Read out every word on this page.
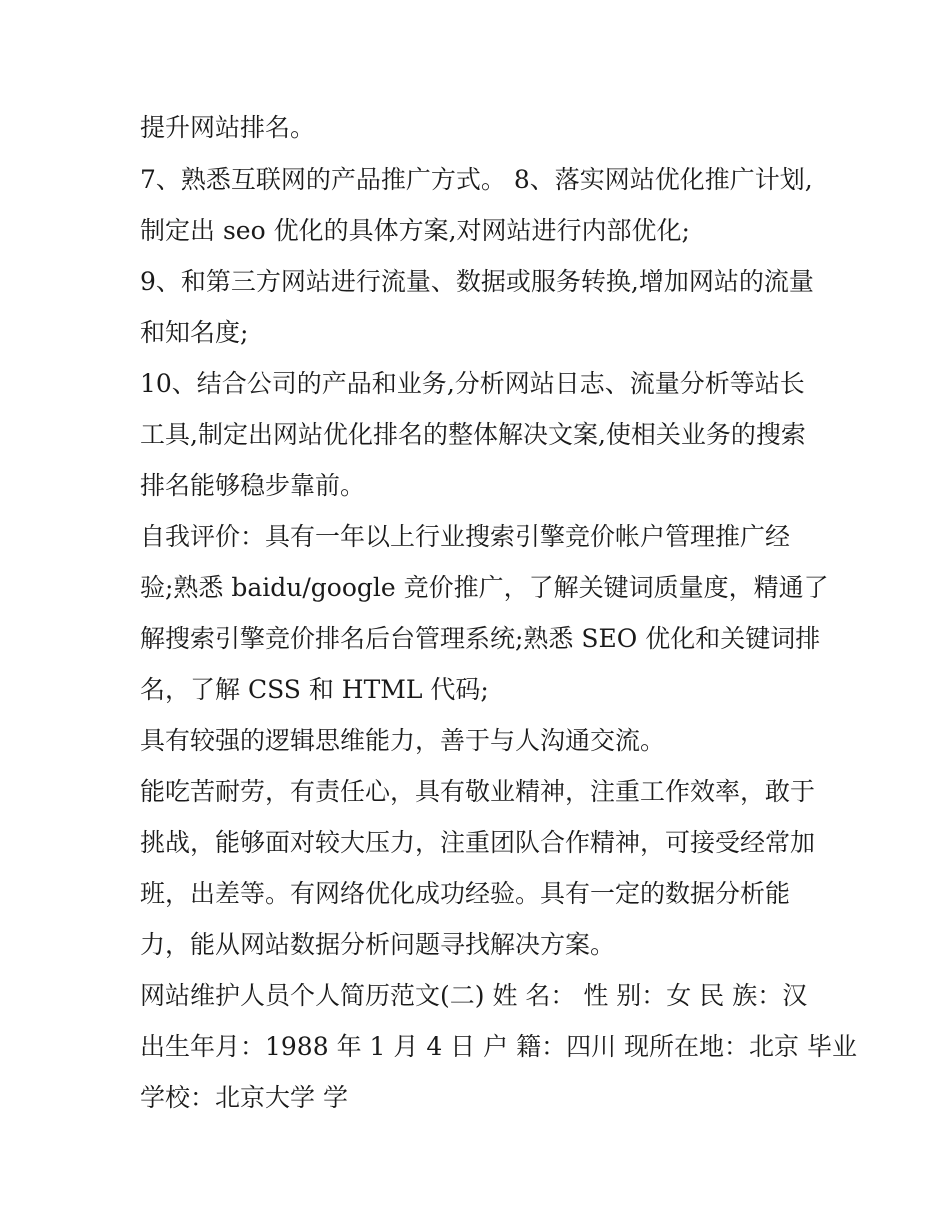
提升网站排名。
7、熟悉互联网的产品推广方式。 8、落实网站优化推广计划,
制定出 seo 优化的具体方案,对网站进行内部优化;
9、和第三方网站进行流量、数据或服务转换,增加网站的流量
和知名度;
10、结合公司的产品和业务,分析网站日志、流量分析等站长
工具,制定出网站优化排名的整体解决文案,使相关业务的搜索
排名能够稳步靠前。
自我评价：具有一年以上行业搜索引擎竞价帐户管理推广经
验;熟悉 baidu/google 竞价推广，了解关键词质量度，精通了
解搜索引擎竞价排名后台管理系统;熟悉 SEO 优化和关键词排
名，了解 CSS 和 HTML 代码;
具有较强的逻辑思维能力，善于与人沟通交流。
能吃苦耐劳，有责任心，具有敬业精神，注重工作效率，敢于
挑战，能够面对较大压力，注重团队合作精神，可接受经常加
班，出差等。有网络优化成功经验。具有一定的数据分析能
力，能从网站数据分析问题寻找解决方案。
网站维护人员个人简历范文(二) 姓 名： 性 别：女 民 族：汉
出生年月：1988 年 1 月 4 日 户 籍：四川 现所在地：北京 毕业
学校：北京大学 学
